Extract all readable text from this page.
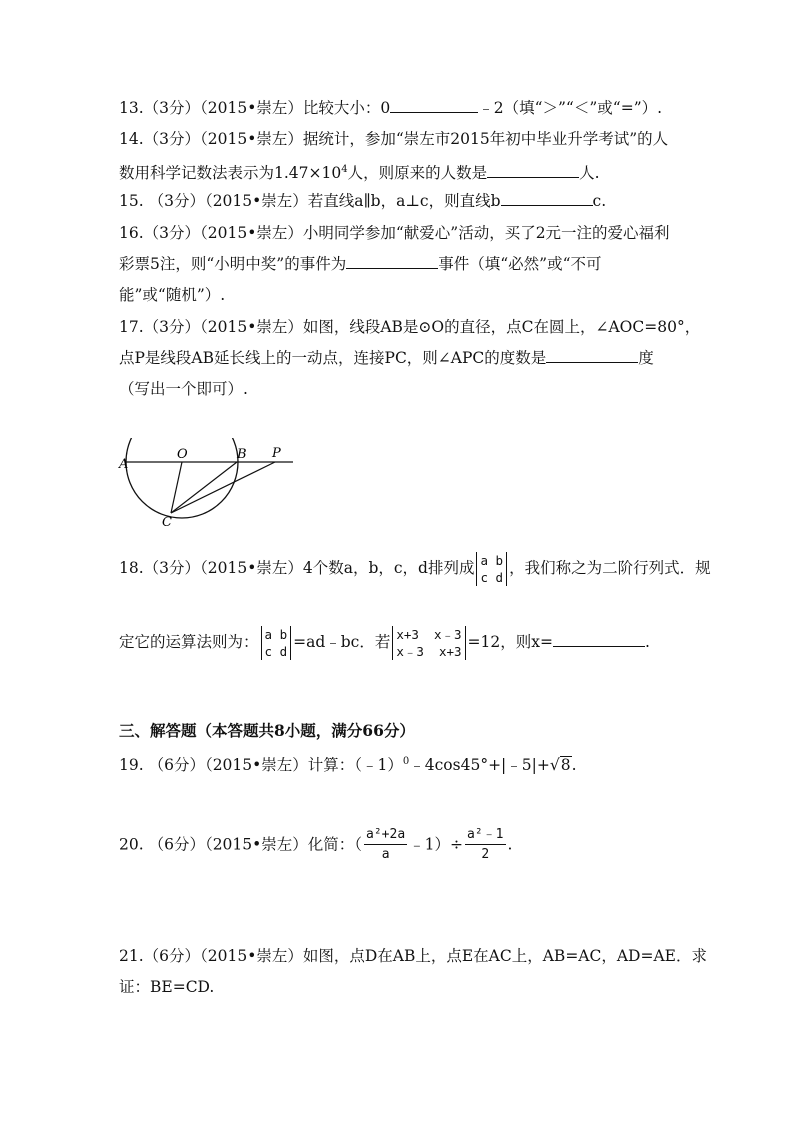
13.（3分）（2015•崇左）比较大小：0	﹣2（填“＞”“＜”或“=”）.
14.（3分）（2015•崇左）据统计，参加“崇左市2015年初中毕业升学考试”的人
数用科学记数法表示为$1.47\times 10^4$人，则原来的人数是	人.
15. （3分）（2015•崇左）若直线a∥b，a⊥c，则直线b	c.
16.（3分）（2015•崇左）小明同学参加“献爱心”活动，买了2元一注的爱心福利
彩票5注，则“小明中奖”的事件为	事件（填“必然”或“不可
能”或“随机”）.
17.（3分）（2015•崇左）如图，线段AB是⊙O的直径，点C在圆上，∠AOC=80°，
点P是线段AB延长线上的一动点，连接PC，则∠APC的度数是	度
（写出一个即可）.
A
O	B P
C
18.（3分）（2015•崇左）4个数a，b，c，d排列成 a b
c d
，我们称之为二阶行列式．规
定它的运算法则为： a b
c d
=ad﹣bc．若 x+3  x﹣3
x﹣3  x+3
=12，则x=	.
三、解答题（本答题共8小题，满分66分）
19. （6分）（2015•崇左）计算：（﹣1）$^0$﹣4cos45°+|﹣5|+√8.
20. （6分）（2015•崇左）化简：（ $\frac{\text{a²+2a}}{a}$ ﹣1）÷ $\frac{\text{a²﹣1}}{2}$ .
21.（6分）（2015•崇左）如图，点D在AB上，点E在AC上，AB=AC，AD=AE．求
证：BE=CD.
